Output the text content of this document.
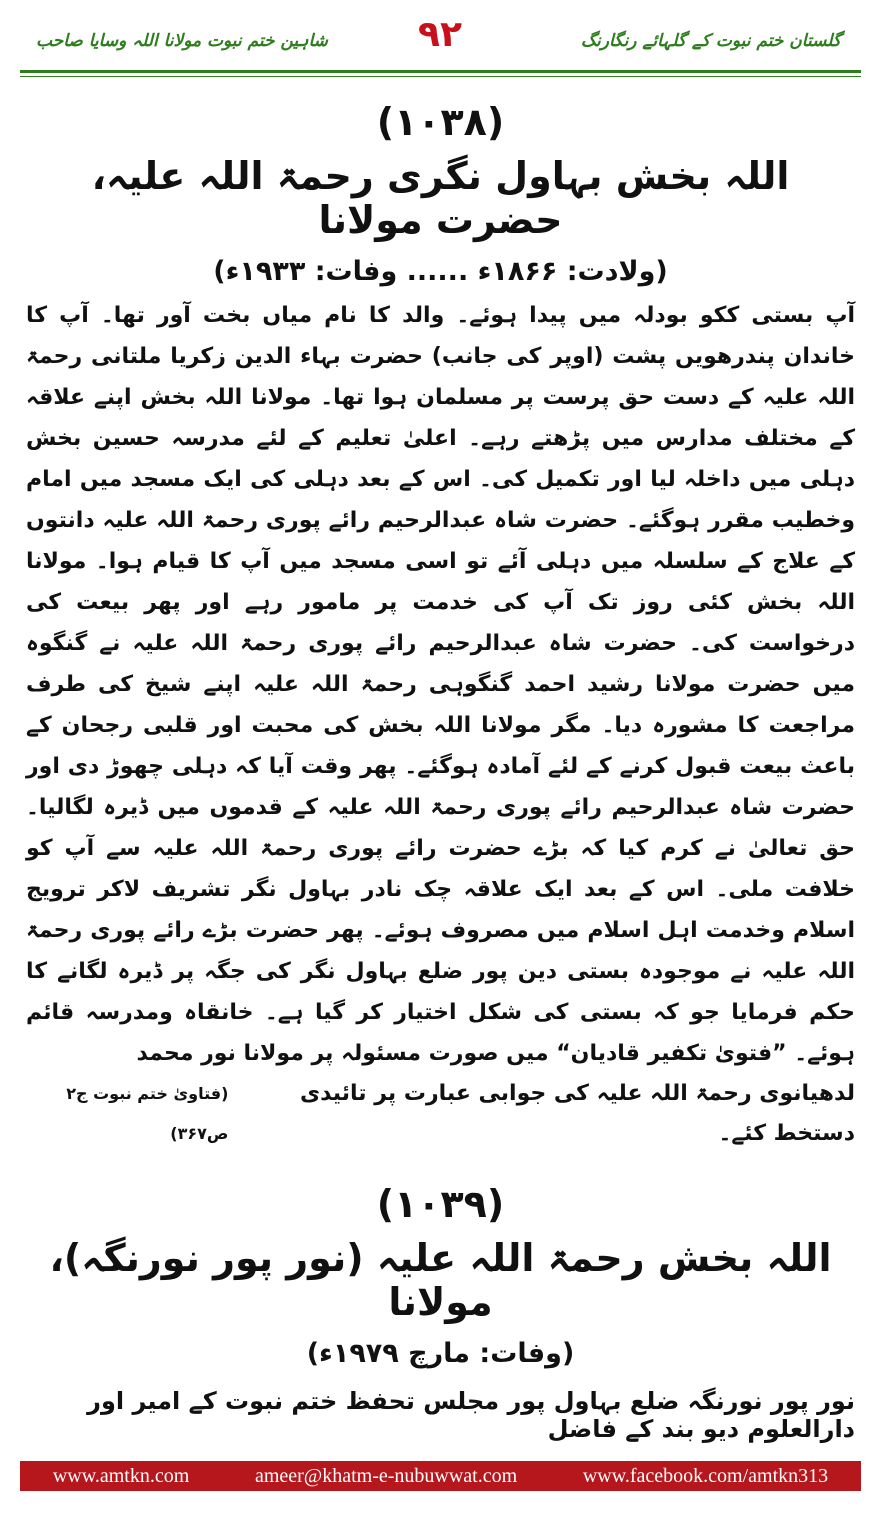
گلستان ختم نبوت کے گلہائے رنگارنگ
۹۲
شاہین ختم نبوت مولانا اللہ وسایا صاحب
(۱۰۳۸)
اللہ بخش بہاول نگری رحمۃ اللہ علیہ، حضرت مولانا
(ولادت: ۱۸۶۶ء ...... وفات: ۱۹۳۳ء)
آپ بستی ککو بودلہ میں پیدا ہوئے۔ والد کا نام میاں بخت آور تھا۔ آپ کا خاندان پندرھویں پشت (اوپر کی جانب) حضرت بہاء الدین زکریا ملتانی رحمۃ اللہ علیہ کے دست حق پرست پر مسلمان ہوا تھا۔ مولانا اللہ بخش اپنے علاقہ کے مختلف مدارس میں پڑھتے رہے۔ اعلیٰ تعلیم کے لئے مدرسہ حسین بخش دہلی میں داخلہ لیا اور تکمیل کی۔ اس کے بعد دہلی کی ایک مسجد میں امام وخطیب مقرر ہوگئے۔ حضرت شاہ عبدالرحیم رائے پوری رحمۃ اللہ علیہ دانتوں کے علاج کے سلسلہ میں دہلی آئے تو اسی مسجد میں آپ کا قیام ہوا۔ مولانا اللہ بخش کئی روز تک آپ کی خدمت پر مامور رہے اور پھر بیعت کی درخواست کی۔ حضرت شاہ عبدالرحیم رائے پوری رحمۃ اللہ علیہ نے گنگوہ میں حضرت مولانا رشید احمد گنگوہی رحمۃ اللہ علیہ اپنے شیخ کی طرف مراجعت کا مشورہ دیا۔ مگر مولانا اللہ بخش کی محبت اور قلبی رجحان کے باعث بیعت قبول کرنے کے لئے آمادہ ہوگئے۔ پھر وقت آیا کہ دہلی چھوڑ دی اور حضرت شاہ عبدالرحیم رائے پوری رحمۃ اللہ علیہ کے قدموں میں ڈیرہ لگالیا۔ حق تعالیٰ نے کرم کیا کہ بڑے حضرت رائے پوری رحمۃ اللہ علیہ سے آپ کو خلافت ملی۔ اس کے بعد ایک علاقہ چک نادر بہاول نگر تشریف لاکر ترویج اسلام وخدمت اہل اسلام میں مصروف ہوئے۔ پھر حضرت بڑے رائے پوری رحمۃ اللہ علیہ نے موجودہ بستی دین پور ضلع بہاول نگر کی جگہ پر ڈیرہ لگانے کا حکم فرمایا جو کہ بستی کی شکل اختیار کر گیا ہے۔ خانقاہ ومدرسہ قائم ہوئے۔ ”فتویٰ تکفیر قادیان“ میں صورت مسئولہ پر مولانا نور محمد
لدھیانوی رحمۃ اللہ علیہ کی جوابی عبارت پر تائیدی دستخط کئے۔
(فتاویٰ ختم نبوت ج۲ ص۳۶۷)
(۱۰۳۹)
اللہ بخش رحمۃ اللہ علیہ (نور پور نورنگہ)، مولانا
(وفات: مارچ ۱۹۷۹ء)
نور پور نورنگہ ضلع بہاول پور مجلس تحفظ ختم نبوت کے امیر اور دارالعلوم دیو بند کے فاضل
www.amtkn.com	ameer@khatm-e-nubuwwat.com	www.facebook.com/amtkn313
